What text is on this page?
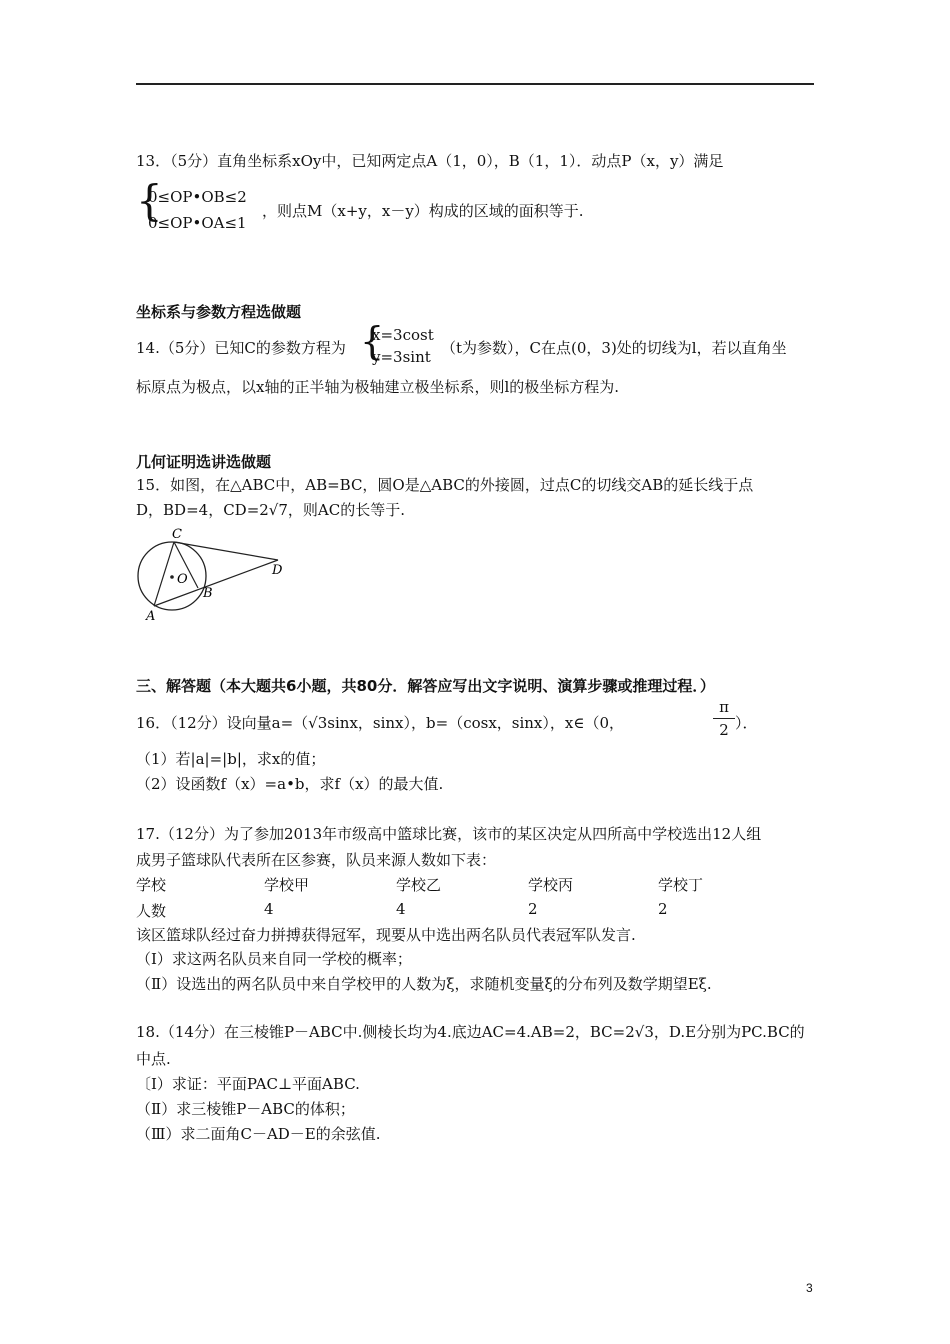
13．（5分）直角坐标系xOy中，已知两定点A（1，0），B（1，1）．动点P（x，y）满足
{
0≤OP•OB≤2
0≤OP•OA≤1
，则点M（x+y，x－y）构成的区域的面积等于.
坐标系与参数方程选做题
14.（5分）已知C的参数方程为 {
x=3cost
y=3sint （t为参数），C在点(0，3)处的切线为l，若以直角坐
标原点为极点，以x轴的正半轴为极轴建立极坐标系，则l的极坐标方程为.
几何证明选讲选做题
15．如图，在△ABC中，AB=BC，圆O是△ABC的外接圆，过点C的切线交AB的延长线于点
D，BD=4，CD=2√7，则AC的长等于.
C
O
B
A
D
三、解答题（本大题共6小题，共80分．解答应写出文字说明、演算步骤或推理过程．）
16．（12分）设向量a=（√3sinx，sinx），b=（cosx，sinx），x∈（0，
π
2 ）．
（1）若|a|=|b|，求x的值；
（2）设函数f（x）=a•b，求f（x）的最大值.
17.（12分）为了参加2013年市级高中篮球比赛，该市的某区决定从四所高中学校选出12人组
成男子篮球队代表所在区参赛，队员来源人数如下表：
学校	学校甲	学校乙	学校丙	学校丁
人数	4	4	2	2
该区篮球队经过奋力拼搏获得冠军，现要从中选出两名队员代表冠军队发言.
（Ⅰ）求这两名队员来自同一学校的概率；
（Ⅱ）设选出的两名队员中来自学校甲的人数为ξ，求随机变量ξ的分布列及数学期望Eξ.
18.（14分）在三棱锥P－ABC中.侧棱长均为4.底边AC=4.AB=2，BC=2√3，D.E分别为PC.BC的
中点.
〔I）求证：平面PAC⊥平面ABC.
（Ⅱ）求三棱锥P－ABC的体积；
（Ⅲ）求二面角C－AD－E的余弦值.
3
